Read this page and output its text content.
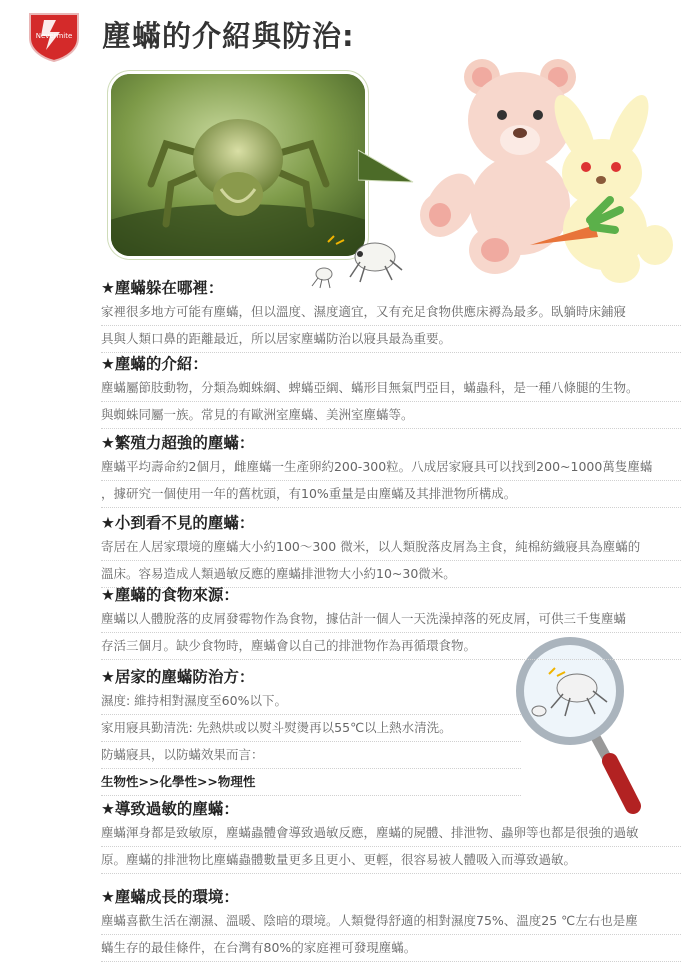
Nevermite 塵蟎的介紹與防治:
★塵蟎躲在哪裡：
家裡很多地方可能有塵蟎，但以溫度、濕度適宜，又有充足食物供應床褥為最多。臥躺時床鋪寢
具與人類口鼻的距離最近，所以居家塵蟎防治以寢具最為重要。
★塵蟎的介紹：
塵蟎屬節肢動物，分類為蜘蛛綱、蜱蟎亞綱、蟎形目無氣門亞目，蟎蟲科，是一種八條腿的生物。
與蜘蛛同屬一族。常見的有歐洲室塵蟎、美洲室塵蟎等。
★繁殖力超強的塵蟎：
塵蟎平均壽命約2個月，雌塵蟎一生產卵約200-300粒。八成居家寢具可以找到200~1000萬隻塵蟎
，據研究一個使用一年的舊枕頭，有10%重量是由塵蟎及其排泄物所構成。
★小到看不見的塵蟎：
寄居在人居家環境的塵蟎大小約100～300 微米，以人類脫落皮屑為主食，純棉紡織寢具為塵蟎的
溫床。容易造成人類過敏反應的塵蟎排泄物大小約10~30微米。
★塵蟎的食物來源：
塵蟎以人體脫落的皮屑發霉物作為食物，據估計一個人一天洗澡掉落的死皮屑，可供三千隻塵蟎
存活三個月。缺少食物時，塵蟎會以自己的排泄物作為再循環食物。
★居家的塵蟎防治方：
濕度: 維持相對濕度至60%以下。
家用寢具勤清洗: 先熱烘或以熨斗熨燙再以55℃以上熱水清洗。
防蟎寢具，以防蟎效果而言：
生物性>>化學性>>物理性
★導致過敏的塵蟎：
塵蟎渾身都是致敏原，塵蟎蟲體會導致過敏反應，塵蟎的屍體、排泄物、蟲卵等也都是很強的過敏
原。塵蟎的排泄物比塵蟎蟲體數量更多且更小、更輕，很容易被人體吸入而導致過敏。
★塵蟎成長的環境：
塵蟎喜歡生活在潮濕、溫暖、陰暗的環境。人類覺得舒適的相對濕度75%、溫度25 ℃左右也是塵
蟎生存的最佳條件，在台灣有80%的家庭裡可發現塵蟎。
